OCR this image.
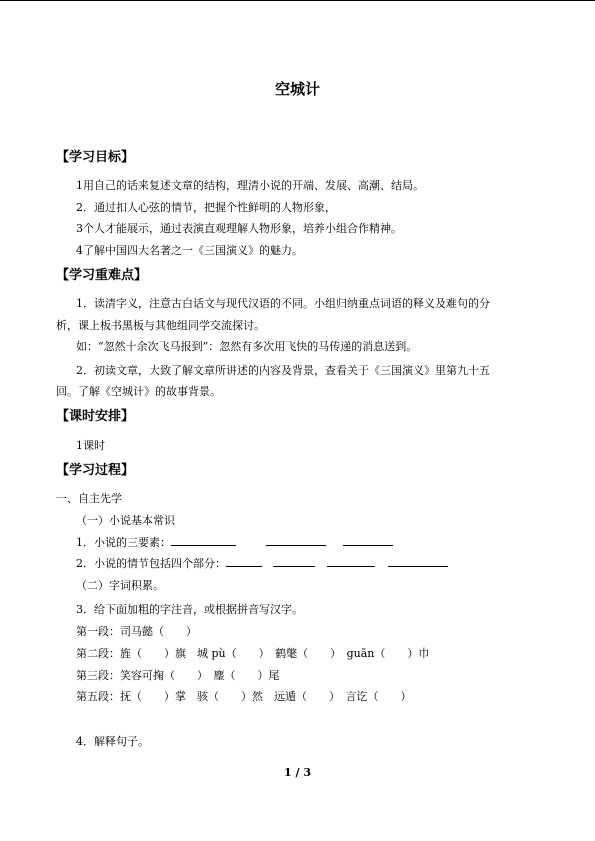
空城计
【学习目标】
1用自己的话来复述文章的结构，理清小说的开端、发展、高潮、结局。
2．通过扣人心弦的情节，把握个性鲜明的人物形象，
3个人才能展示，通过表演直观理解人物形象，培养小组合作精神。
4了解中国四大名著之一《三国演义》的魅力。
【学习重难点】
1．读清字义，注意古白话文与现代汉语的不同。小组归纳重点词语的释义及难句的分
析，课上板书黑板与其他组同学交流探讨。
如：“忽然十余次飞马报到”：忽然有多次用飞快的马传递的消息送到。
2．初读文章，大致了解文章所讲述的内容及背景，查看关于《三国演义》里第九十五
回。了解《空城计》的故事背景。
【课时安排】
1课时
【学习过程】
一、自主先学
（一）小说基本常识
1．小说的三要素：
2．小说的情节包括四个部分：
（二）字词积累。
3．给下面加粗的字注音，或根据拼音写汉字。
第一段：司马懿（　　）
第二段：旌（　　）旗　城 pù（　　）　鹤氅（　　）　guān（　　）巾
第三段：笑容可掬（　　）　麈（　　）尾
第五段：抚（　　）掌　骇（　　）然　远遁（　　）　言讫（　　）
4．解释句子。
1 / 3
